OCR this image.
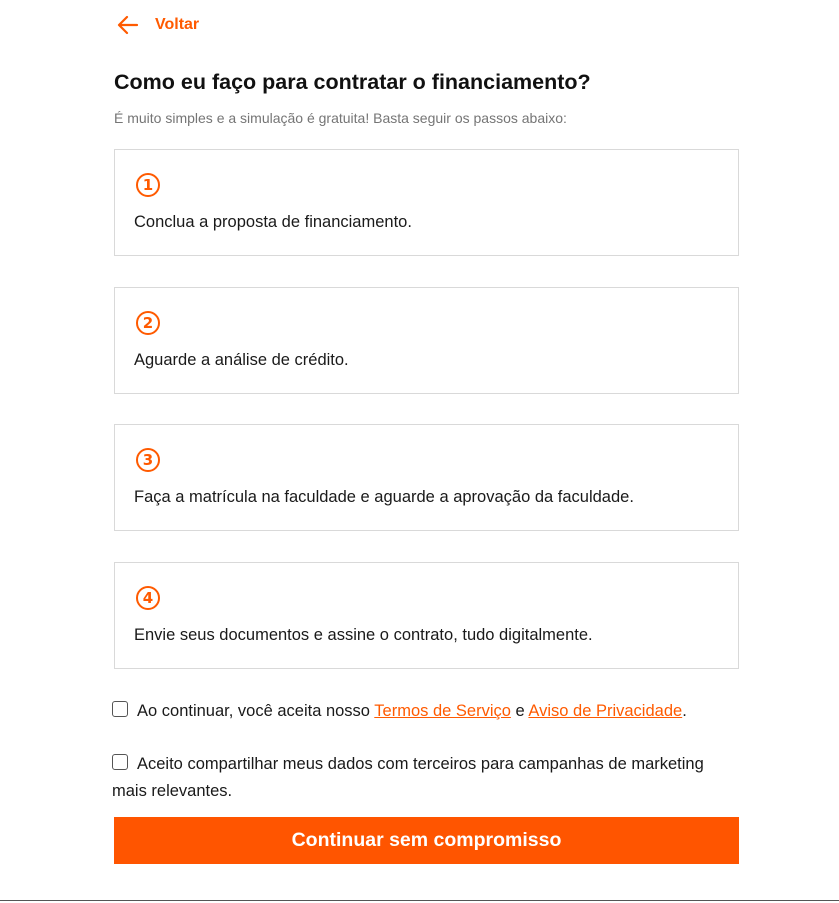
Voltar
Como eu faço para contratar o financiamento?

É muito simples e a simulação é gratuita! Basta seguir os passos abaixo:

1
Conclua a proposta de financiamento.
2
Aguarde a análise de crédito.
3
Faça a matrícula na faculdade e aguarde a aprovação da faculdade.
4
Envie seus documentos e assine o contrato, tudo digitalmente.
Ao continuar, você aceita nosso Termos de Serviço e Aviso de Privacidade.
Aceito compartilhar meus dados com terceiros para campanhas de marketing mais relevantes.
Continuar sem compromisso
